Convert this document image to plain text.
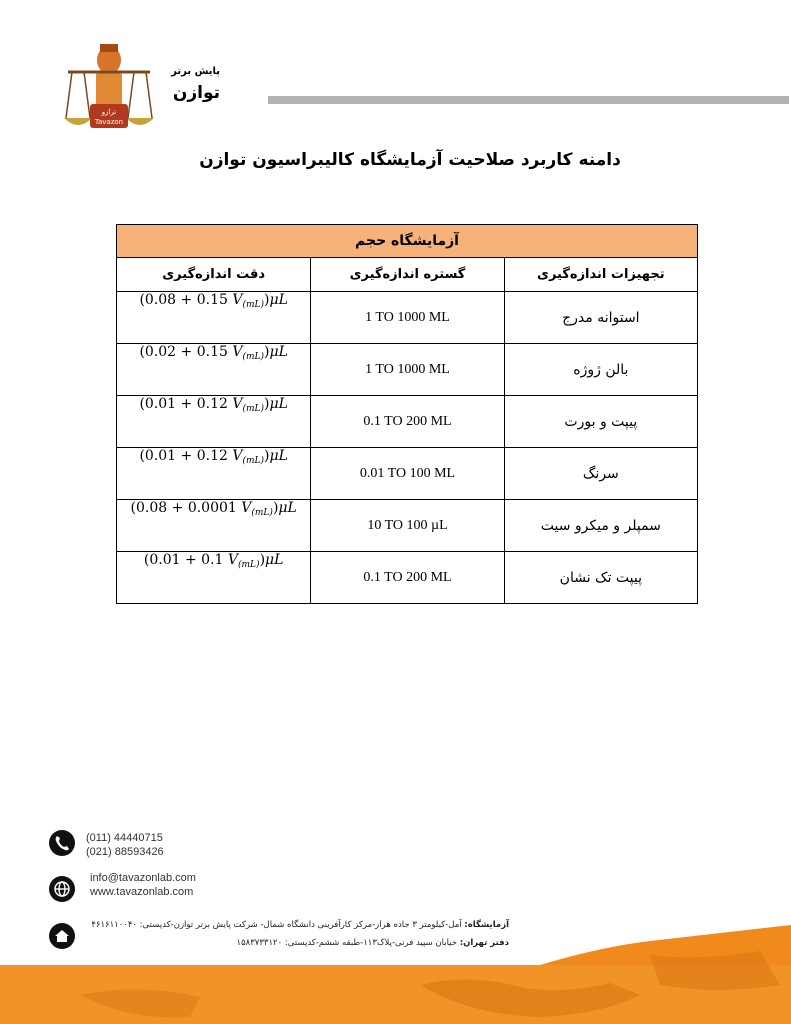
ترازو
Tavazon
پایش برتر
توازن
دامنه کاربرد صلاحیت آزمایشگاه کالیبراسیون توازن
آزمایشگاه حجم		
تجهیزات اندازه‌گیری	گستره اندازه‌گیری	دقت اندازه‌گیری
استوانه مدرج	1 TO 1000 ML	(0.08 + 0.15 $V_{(mL)})\mu L$
بالن ژوژه	1 TO 1000 ML	(0.02 + 0.15 $V_{(mL)})\mu L$
پیپت و بورت	0.1 TO 200 ML	(0.01 + 0.12 $V_{(mL)})\mu L$
سرنگ	0.01 TO 100 ML	(0.01 + 0.12 $V_{(mL)})\mu L$
سمپلر و میکرو سیت	10 TO 100 µL	(0.08 + 0.0001 $V_{(mL)})\mu L$
پیپت تک نشان	0.1 TO 200 ML	(0.01 + 0.1 $V_{(mL)})\mu L$
(011) 44440715
(021) 88593426
info@tavazonlab.com
www.tavazonlab.com
آزمایشگاه: آمل-کیلومتر ۳ جاده هراز-مرکز کارآفرینی دانشگاه شمال- شرکت پایش برتر توازن-کدپستی: ۴۶۱۶۱۱۰۰۴۰
دفتر تهران: خیابان سپید فرنی-پلاک۱۱۳-طبقه ششم-کدپستی: ۱۵۸۳۷۳۳۱۲۰
